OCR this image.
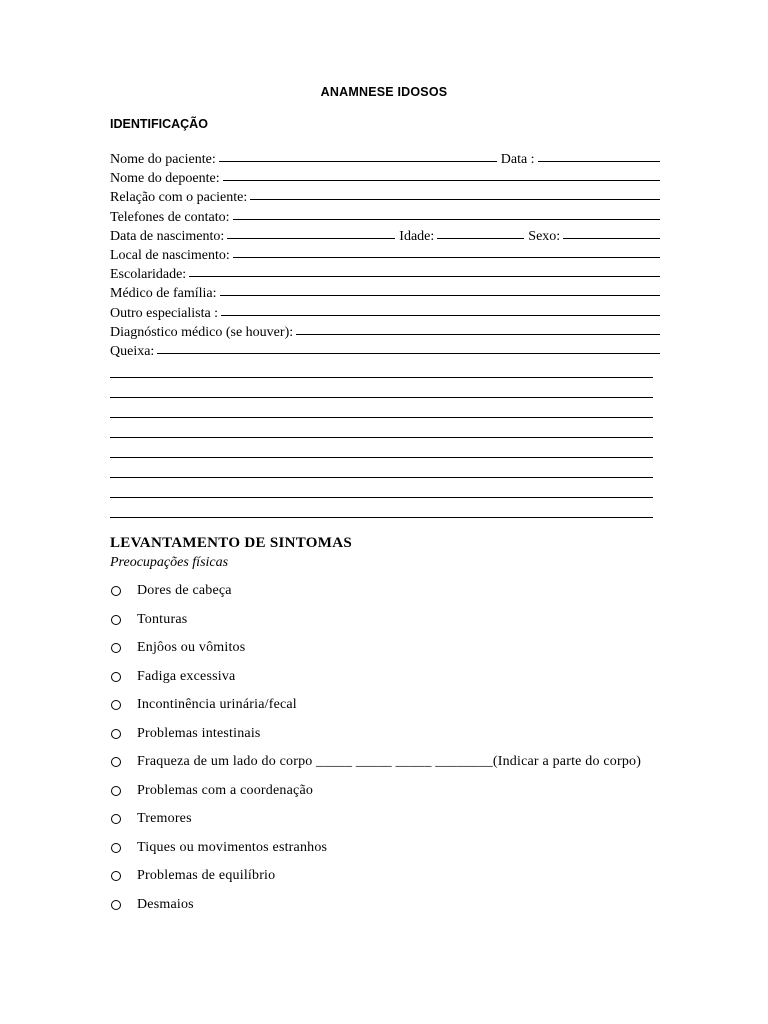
ANAMNESE IDOSOS
IDENTIFICAÇÃO
Nome do paciente:	Data :
Nome do depoente:
Relação com o paciente:
Telefones de contato:
Data de nascimento:	Idade:	Sexo:
Local de nascimento:
Escolaridade:
Médico de família:
Outro especialista :
Diagnóstico médico (se houver):
Queixa:
LEVANTAMENTO DE SINTOMAS
Preocupações físicas
Dores de cabeça
Tonturas
Enjôos ou vômitos
Fadiga excessiva
Incontinência urinária/fecal
Problemas intestinais
Fraqueza de um lado do corpo _____ _____ _____ ________(Indicar a parte do corpo)
Problemas com a coordenação
Tremores
Tiques ou movimentos estranhos
Problemas de equilíbrio
Desmaios
